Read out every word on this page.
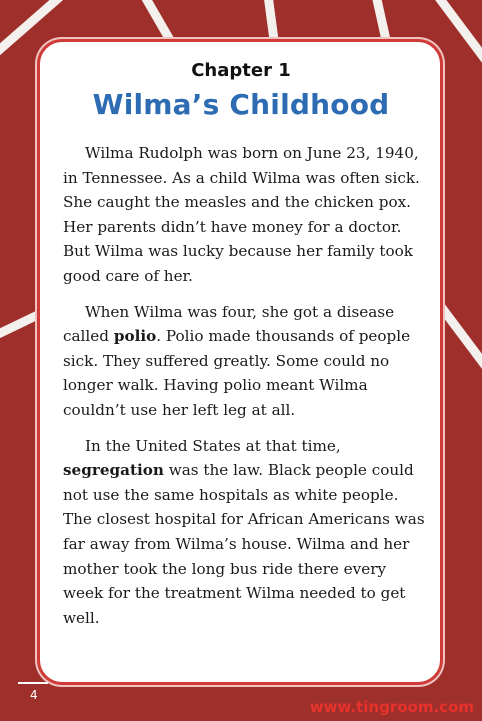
Chapter 1
Wilma’s Childhood

Wilma Rudolph was born on June 23, 1940, in Tennessee. As a child Wilma was often sick. She caught the measles and the chicken pox. Her parents didn’t have money for a doctor. But Wilma was lucky because her family took good care of her.

When Wilma was four, she got a disease called polio. Polio made thousands of people sick. They suffered greatly. Some could no longer walk. Having polio meant Wilma couldn’t use her left leg at all.

In the United States at that time, segregation was the law. Black people could not use the same hospitals as white people. The closest hospital for African Americans was far away from Wilma’s house. Wilma and her mother took the long bus ride there every week for the treatment Wilma needed to get well.

4
www.tingroom.com
